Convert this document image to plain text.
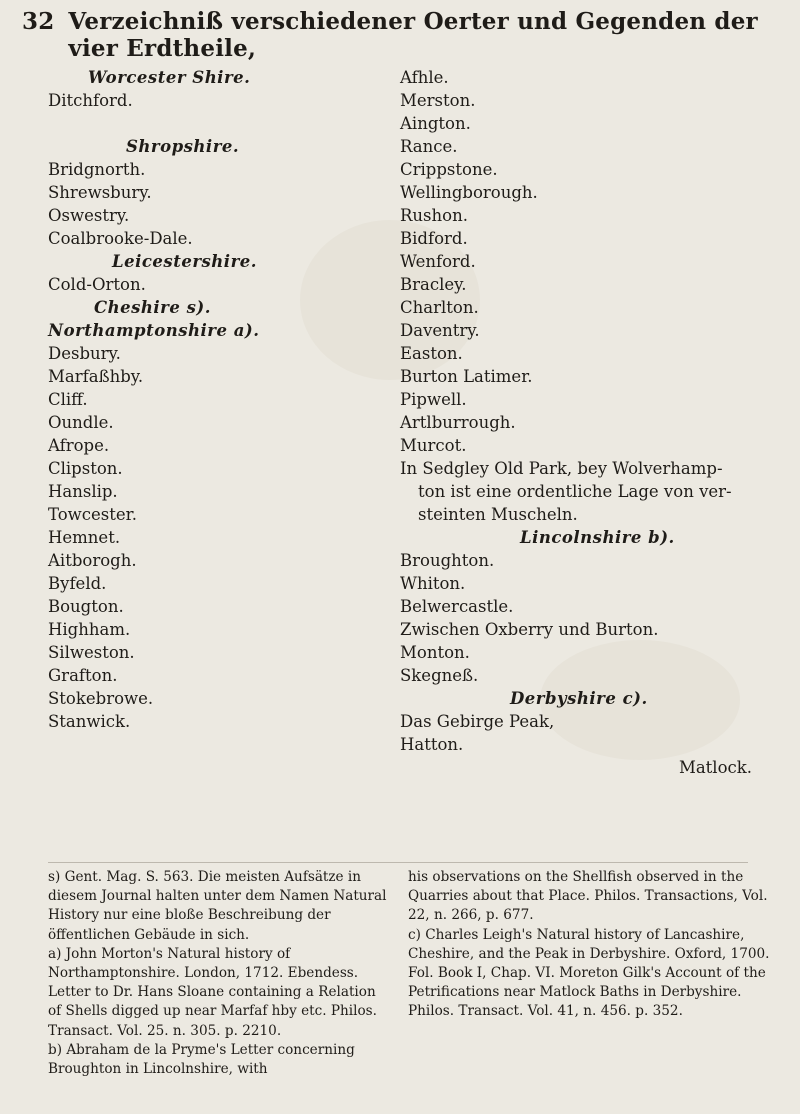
32 Verzeichniß verschiedener Oerter und Gegenden der vier Erdtheile,
Worcester Shire.
Ditchford.
Shropshire.
Bridgnorth.
Shrewsbury.
Oswestry.
Coalbrooke-Dale.
Leicestershire.
Cold-Orton.
Cheshire s).
Northamptonshire a).
Desbury.
Marfaßhby.
Cliff.
Oundle.
Afrope.
Clipston.
Hanslip.
Towcester.
Hemnet.
Aitborogh.
Byfeld.
Bougton.
Highham.
Silweston.
Grafton.
Stokebrowe.
Stanwick.
Afhle.
Merston.
Aington.
Rance.
Crippstone.
Wellingborough.
Rushon.
Bidford.
Wenford.
Bracley.
Charlton.
Daventry.
Easton.
Burton Latimer.
Pipwell.
Artlburrough.
Murcot.
In Sedgley Old Park, bey Wolverhamp-
ton ist eine ordentliche Lage von ver-
steinten Muscheln.
Lincolnshire b).
Broughton.
Whiton.
Belwercastle.
Zwischen Oxberry und Burton.
Monton.
Skegneß.
Derbyshire c).
Das Gebirge Peak,
Hatton.
Matlock.

s) Gent. Mag. S. 563. Die meisten Aufsätze in diesem Journal halten unter dem Namen Natural History nur eine bloße Beschreibung der öffentlichen Gebäude in sich.

a) John Morton's Natural history of Northamptonshire. London, 1712. Ebendess. Letter to Dr. Hans Sloane containing a Relation of Shells digged up near Marfaf hby etc. Philos. Transact. Vol. 25. n. 305. p. 2210.

b) Abraham de la Pryme's Letter concerning Broughton in Lincolnshire, with

his observations on the Shellfish observed in the Quarries about that Place. Philos. Transactions, Vol. 22, n. 266, p. 677.

c) Charles Leigh's Natural history of Lancashire, Cheshire, and the Peak in Derbyshire. Oxford, 1700. Fol. Book I, Chap. VI. Moreton Gilk's Account of the Petrifications near Matlock Baths in Derbyshire. Philos. Transact. Vol. 41, n. 456. p. 352.
